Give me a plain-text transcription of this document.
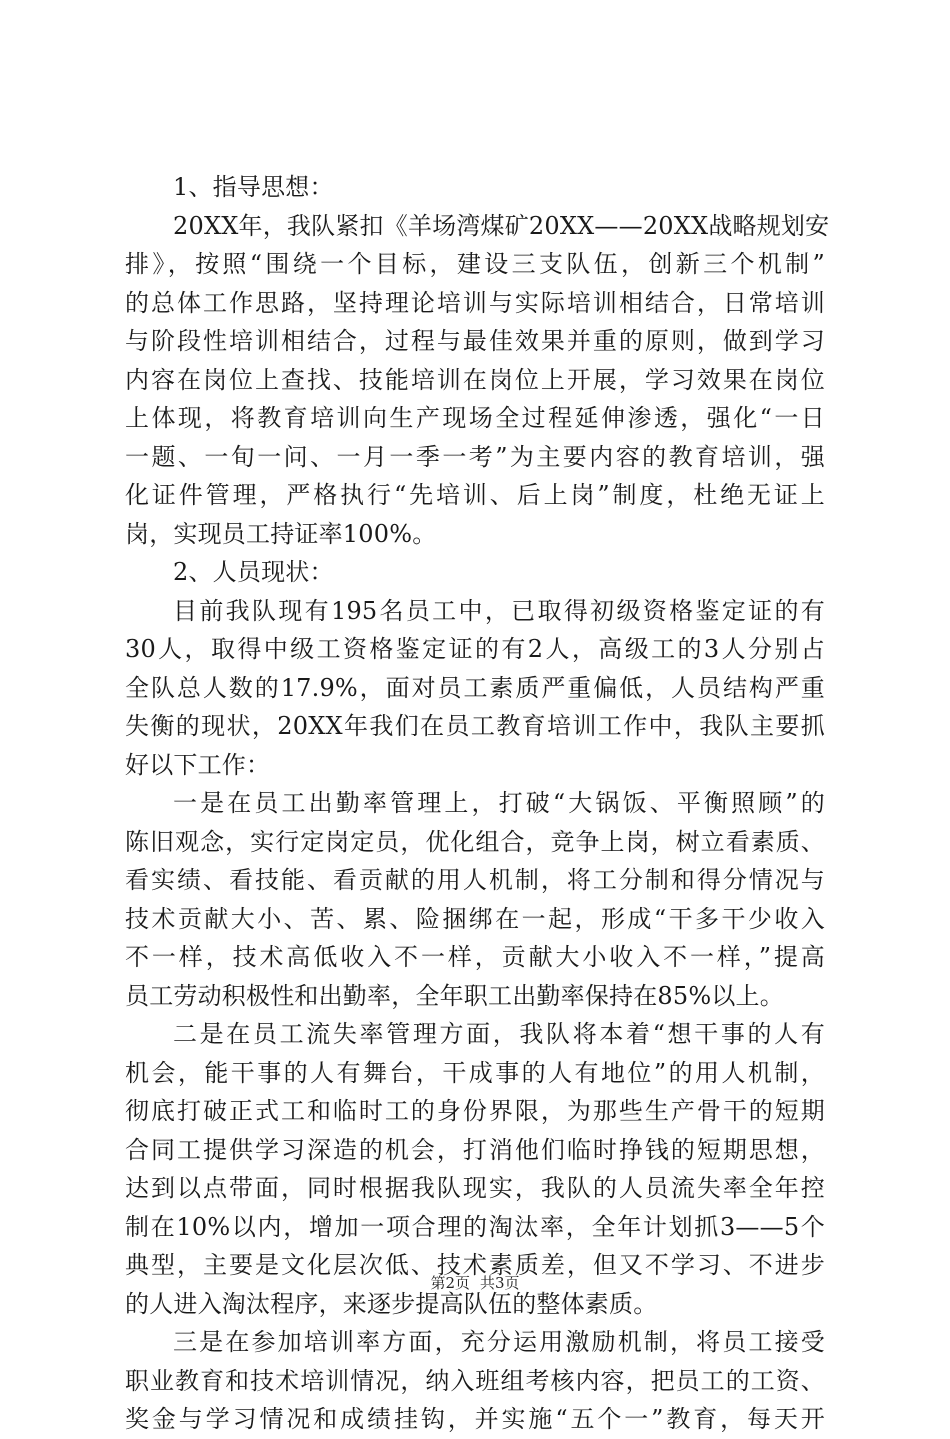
1、指导思想：
20XX年，我队紧扣《羊场湾煤矿20XX——20XX战略规划安
排》，按照“围绕一个目标，建设三支队伍，创新三个机制”
的总体工作思路，坚持理论培训与实际培训相结合，日常培训
与阶段性培训相结合，过程与最佳效果并重的原则，做到学习
内容在岗位上查找、技能培训在岗位上开展，学习效果在岗位
上体现，将教育培训向生产现场全过程延伸渗透，强化“一日
一题、一旬一问、一月一季一考”为主要内容的教育培训，强
化证件管理，严格执行“先培训、后上岗”制度，杜绝无证上
岗，实现员工持证率100%。
2、人员现状：
目前我队现有195名员工中，已取得初级资格鉴定证的有
30人，取得中级工资格鉴定证的有2人，高级工的3人分别占
全队总人数的17.9%，面对员工素质严重偏低，人员结构严重
失衡的现状，20XX年我们在员工教育培训工作中，我队主要抓
好以下工作：
一是在员工出勤率管理上，打破“大锅饭、平衡照顾”的
陈旧观念，实行定岗定员，优化组合，竞争上岗，树立看素质、
看实绩、看技能、看贡献的用人机制，将工分制和得分情况与
技术贡献大小、苦、累、险捆绑在一起，形成“干多干少收入
不一样，技术高低收入不一样，贡献大小收入不一样，”提高
员工劳动积极性和出勤率，全年职工出勤率保持在85%以上。
二是在员工流失率管理方面，我队将本着“想干事的人有
机会，能干事的人有舞台，干成事的人有地位”的用人机制，
彻底打破正式工和临时工的身份界限，为那些生产骨干的短期
合同工提供学习深造的机会，打消他们临时挣钱的短期思想，
达到以点带面，同时根据我队现实，我队的人员流失率全年控
制在10%以内，增加一项合理的淘汰率，全年计划抓3——5个
典型，主要是文化层次低、技术素质差，但又不学习、不进步
的人进入淘汰程序，来逐步提高队伍的整体素质。
三是在参加培训率方面，充分运用激励机制，将员工接受
职业教育和技术培训情况，纳入班组考核内容，把员工的工资、
奖金与学习情况和成绩挂钩，并实施“五个一”教育，每天开
第2页 共3页
